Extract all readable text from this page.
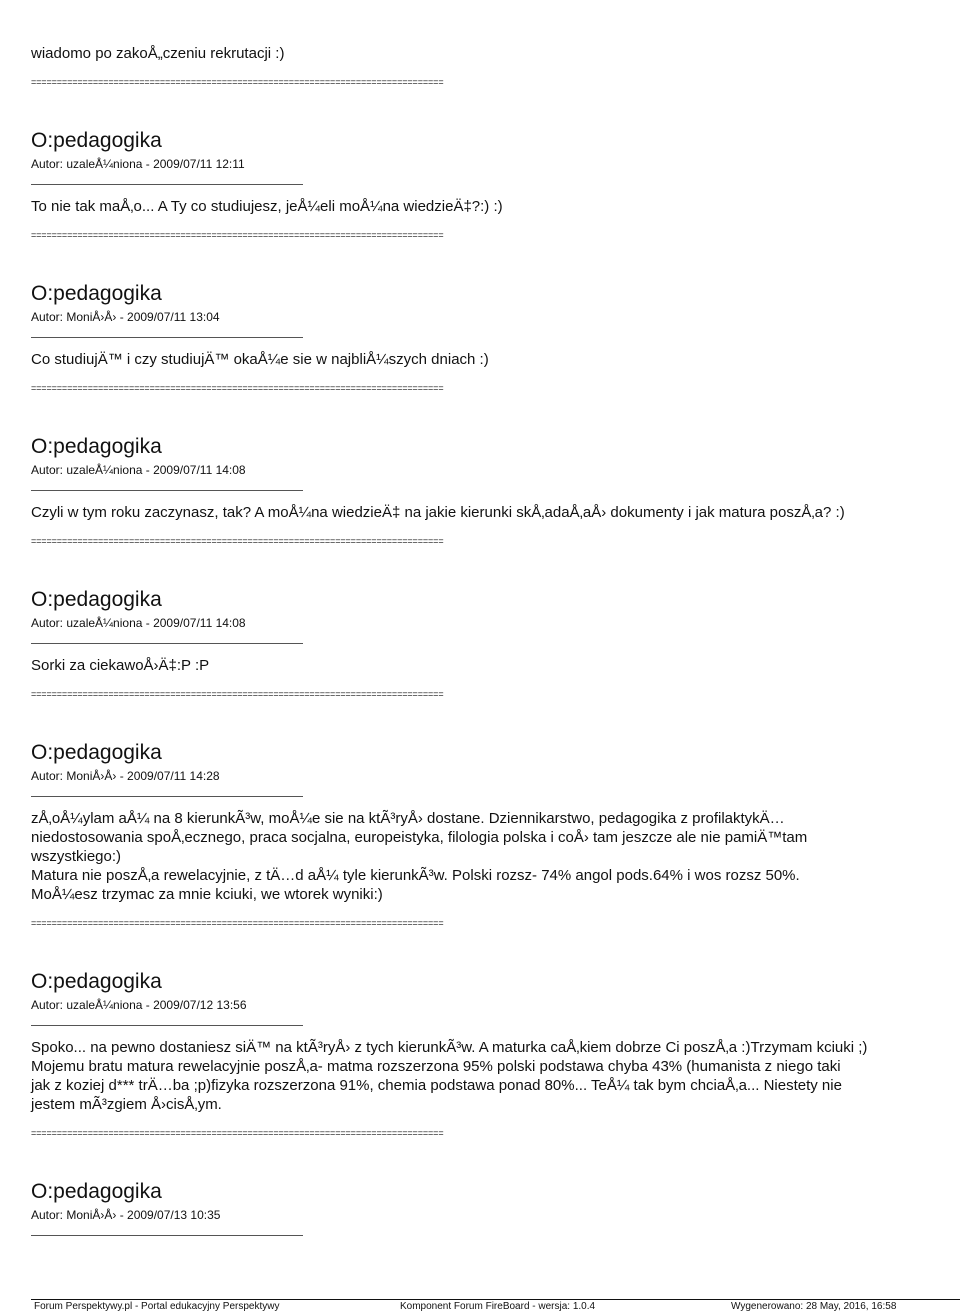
wiadomo po zakoÅ„czeniu rekrutacji :)

================================================================================

O:pedagogika

Autor: uzaleÅ¼niona - 2009/07/11 12:11

To nie tak maÅ‚o... A Ty co studiujesz, jeÅ¼eli moÅ¼na wiedzieÄ‡?:) :)

================================================================================

O:pedagogika

Autor: MoniÅ›Å› - 2009/07/11 13:04

Co studiujÄ™ i czy studiujÄ™ okaÅ¼e sie w najbliÅ¼szych dniach :)

================================================================================

O:pedagogika

Autor: uzaleÅ¼niona - 2009/07/11 14:08

Czyli w tym roku zaczynasz, tak? A moÅ¼na wiedzieÄ‡ na jakie kierunki skÅ‚adaÅ‚aÅ› dokumenty i jak matura poszÅ‚a? :)

================================================================================

O:pedagogika

Autor: uzaleÅ¼niona - 2009/07/11 14:08

Sorki za ciekawoÅ›Ä‡:P :P

================================================================================

O:pedagogika

Autor: MoniÅ›Å› - 2009/07/11 14:28

zÅ‚oÅ¼ylam aÅ¼ na 8 kierunkÃ³w, moÅ¼e sie na ktÃ³ryÅ› dostane. Dziennikarstwo, pedagogika z profilaktykÄ…
niedostosowania spoÅ‚ecznego, praca socjalna, europeistyka, filologia polska i coÅ› tam jeszcze ale nie pamiÄ™tam
wszystkiego:)
Matura nie poszÅ‚a rewelacyjnie, z tÄ…d aÅ¼ tyle kierunkÃ³w. Polski rozsz- 74% angol pods.64% i wos rozsz 50%.
MoÅ¼esz trzymac za mnie kciuki, we wtorek wyniki:)

================================================================================

O:pedagogika

Autor: uzaleÅ¼niona - 2009/07/12 13:56

Spoko... na pewno dostaniesz siÄ™ na ktÃ³ryÅ› z tych kierunkÃ³w. A maturka caÅ‚kiem dobrze Ci poszÅ‚a :)Trzymam kciuki ;)
Mojemu bratu matura rewelacyjnie poszÅ‚a- matma rozszerzona 95% polski podstawa chyba 43% (humanista z niego taki
jak z koziej d*** trÄ…ba ;p)fizyka rozszerzona 91%, chemia podstawa ponad 80%... TeÅ¼ tak bym chciaÅ‚a... Niestety nie
jestem mÃ³zgiem Å›cisÅ‚ym.

================================================================================

O:pedagogika

Autor: MoniÅ›Å› - 2009/07/13 10:35

Forum Perspektywy.pl - Portal edukacyjny Perspektywy	Komponent Forum FireBoard - wersja: 1.0.4	Wygenerowano: 28 May, 2016, 16:58
